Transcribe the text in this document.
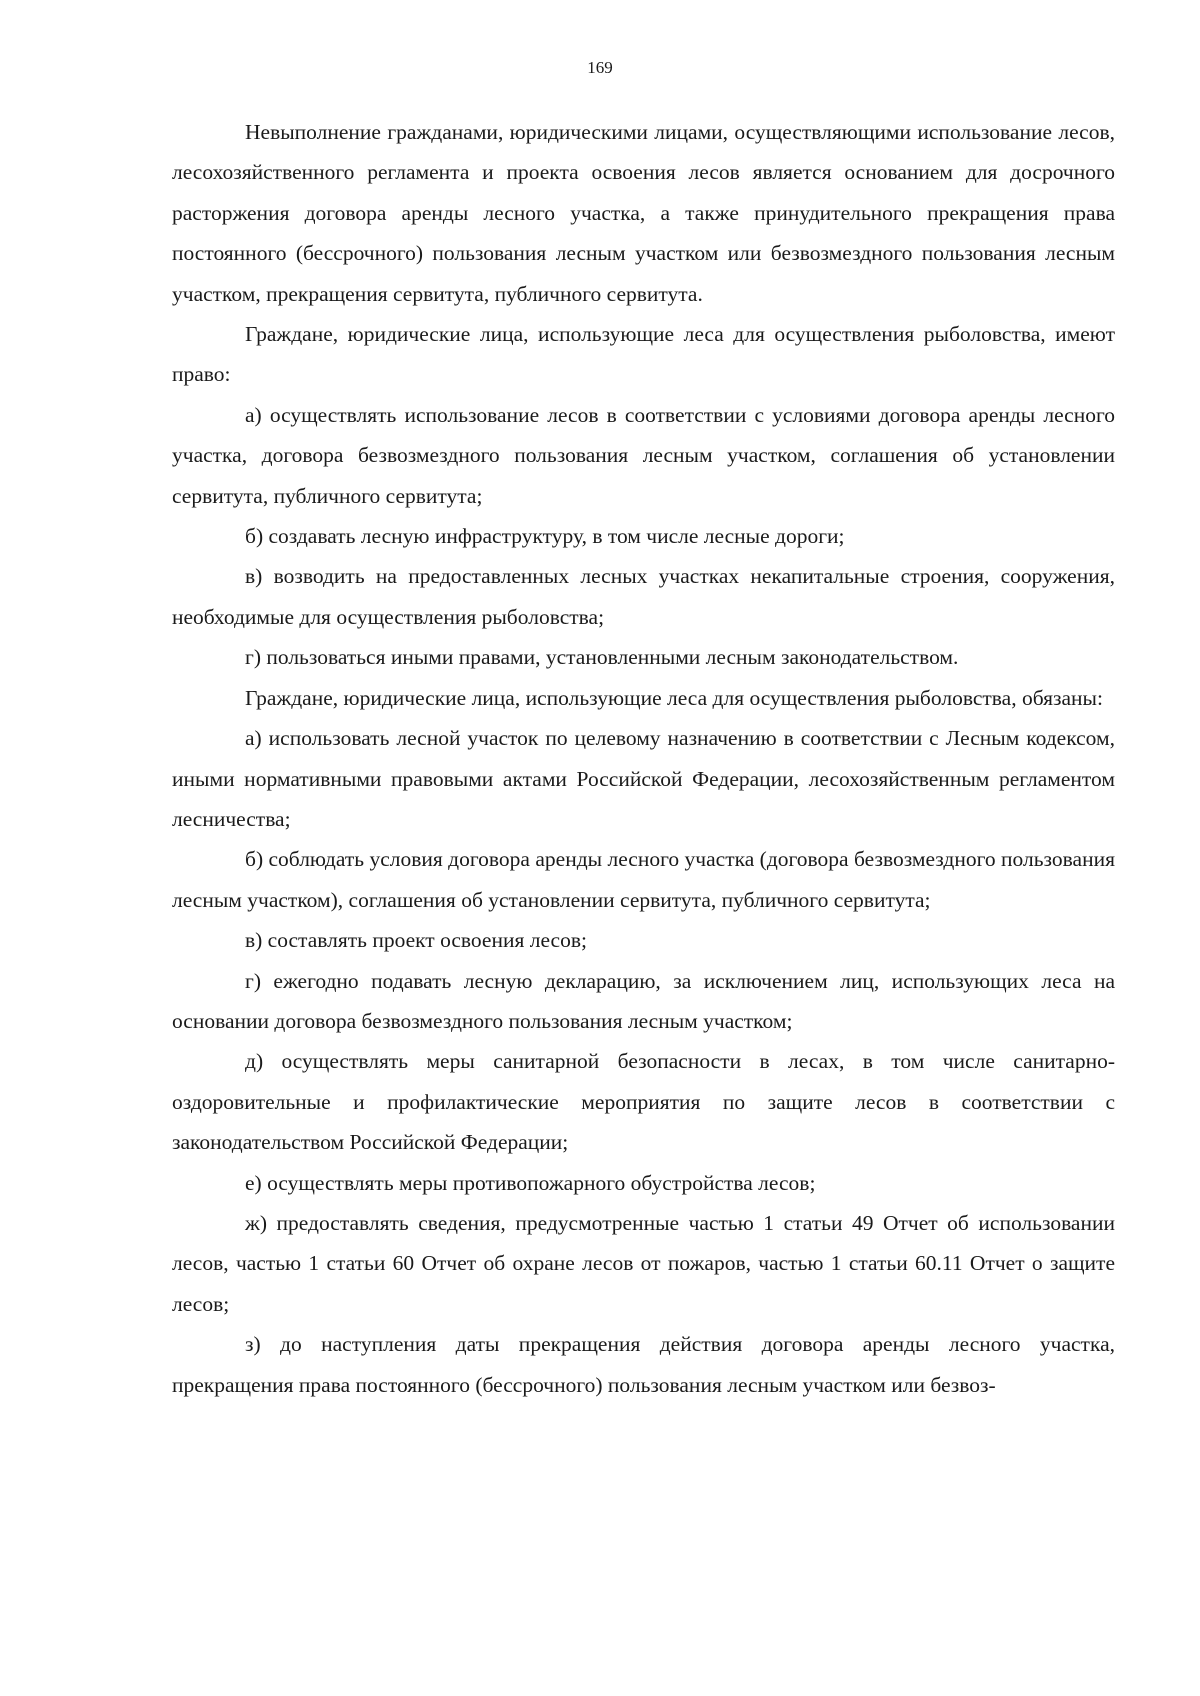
169

Невыполнение гражданами, юридическими лицами, осуществляющими использование лесов, лесохозяйственного регламента и проекта освоения лесов является основанием для досрочного расторжения договора аренды лесного участка, а также принудительного прекращения права постоянного (бессрочного) пользования лесным участком или безвозмездного пользования лесным участком, прекращения сервитута, публичного сервитута.

Граждане, юридические лица, использующие леса для осуществления рыболовства, имеют право:

а) осуществлять использование лесов в соответствии с условиями договора аренды лесного участка, договора безвозмездного пользования лесным участком, соглашения об установлении сервитута, публичного сервитута;

б) создавать лесную инфраструктуру, в том числе лесные дороги;

в) возводить на предоставленных лесных участках некапитальные строения, сооружения, необходимые для осуществления рыболовства;

г) пользоваться иными правами, установленными лесным законодательством.

Граждане, юридические лица, использующие леса для осуществления рыболовства, обязаны:

а) использовать лесной участок по целевому назначению в соответствии с Лесным кодексом, иными нормативными правовыми актами Российской Федерации, лесохозяйственным регламентом лесничества;

б) соблюдать условия договора аренды лесного участка (договора безвозмездного пользования лесным участком), соглашения об установлении сервитута, публичного сервитута;

в) составлять проект освоения лесов;

г) ежегодно подавать лесную декларацию, за исключением лиц, использующих леса на основании договора безвозмездного пользования лесным участком;

д) осуществлять меры санитарной безопасности в лесах, в том числе санитарно-оздоровительные и профилактические мероприятия по защите лесов в соответствии с законодательством Российской Федерации;

е) осуществлять меры противопожарного обустройства лесов;

ж) предоставлять сведения, предусмотренные частью 1 статьи 49 Отчет об использовании лесов, частью 1 статьи 60 Отчет об охране лесов от пожаров, частью 1 статьи 60.11 Отчет о защите лесов;

з) до наступления даты прекращения действия договора аренды лесного участка, прекращения права постоянного (бессрочного) пользования лесным участком или безвоз-
